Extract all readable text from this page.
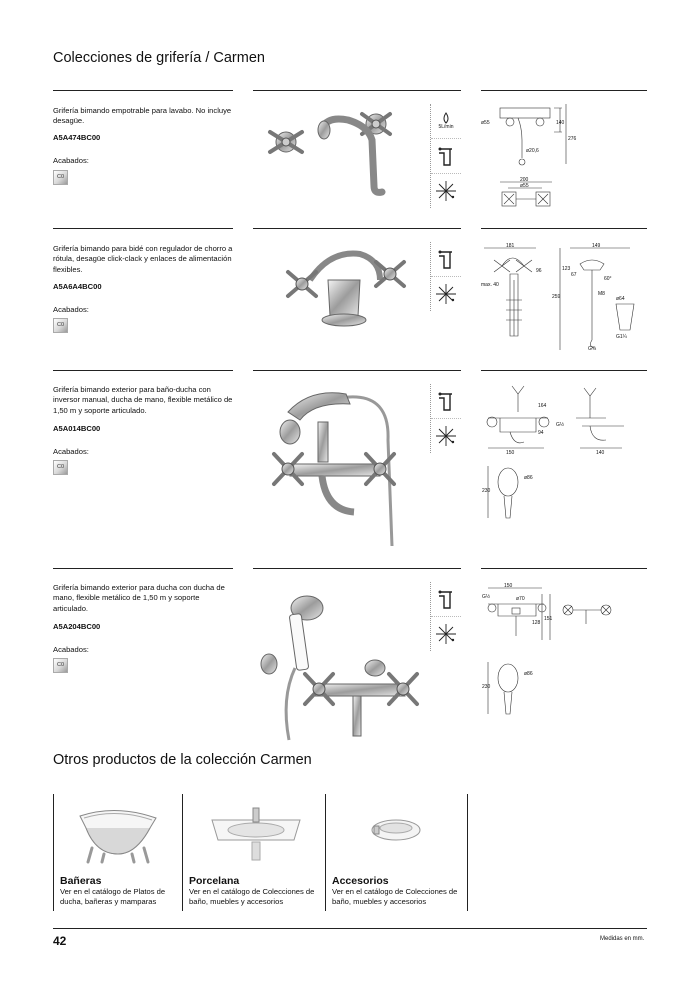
Colecciones de grifería / Carmen
Grifería bimando empotrable para lavabo. No incluye desagüe.
A5A474BC00
Acabados:
C0
Grifería bimando para bidé con regulador de chorro a rótula, desagüe click-clack y enlaces de alimentación flexibles.
A5A6A4BC00
Acabados:
C0
Grifería bimando exterior para baño-ducha con inversor manual, ducha de mano, flexible metálico de 1,50 m y soporte articulado.
A5A014BC00
Acabados:
C0
Grifería bimando exterior para ducha con ducha de mano, flexible metálico de 1,50 m y soporte articulado.
A5A204BC00
Acabados:
C0
5L/min
ø55	140
276
ø20,6
200
ø55
181	149
123
67
60°
96
max. 40
M8
259	ø64
G⅜
G1¼
164
94
G½
150	140
ø86
230
150
G½	ø70
128
151
ø86
230
Otros productos de la colección Carmen
Bañeras
Ver en el catálogo de Platos de ducha, bañeras y mamparas
Porcelana
Ver en el catálogo de Colecciones de baño, muebles y accesorios
Accesorios
Ver en el catálogo de Colecciones de baño, muebles y accesorios
42	Medidas en mm.
